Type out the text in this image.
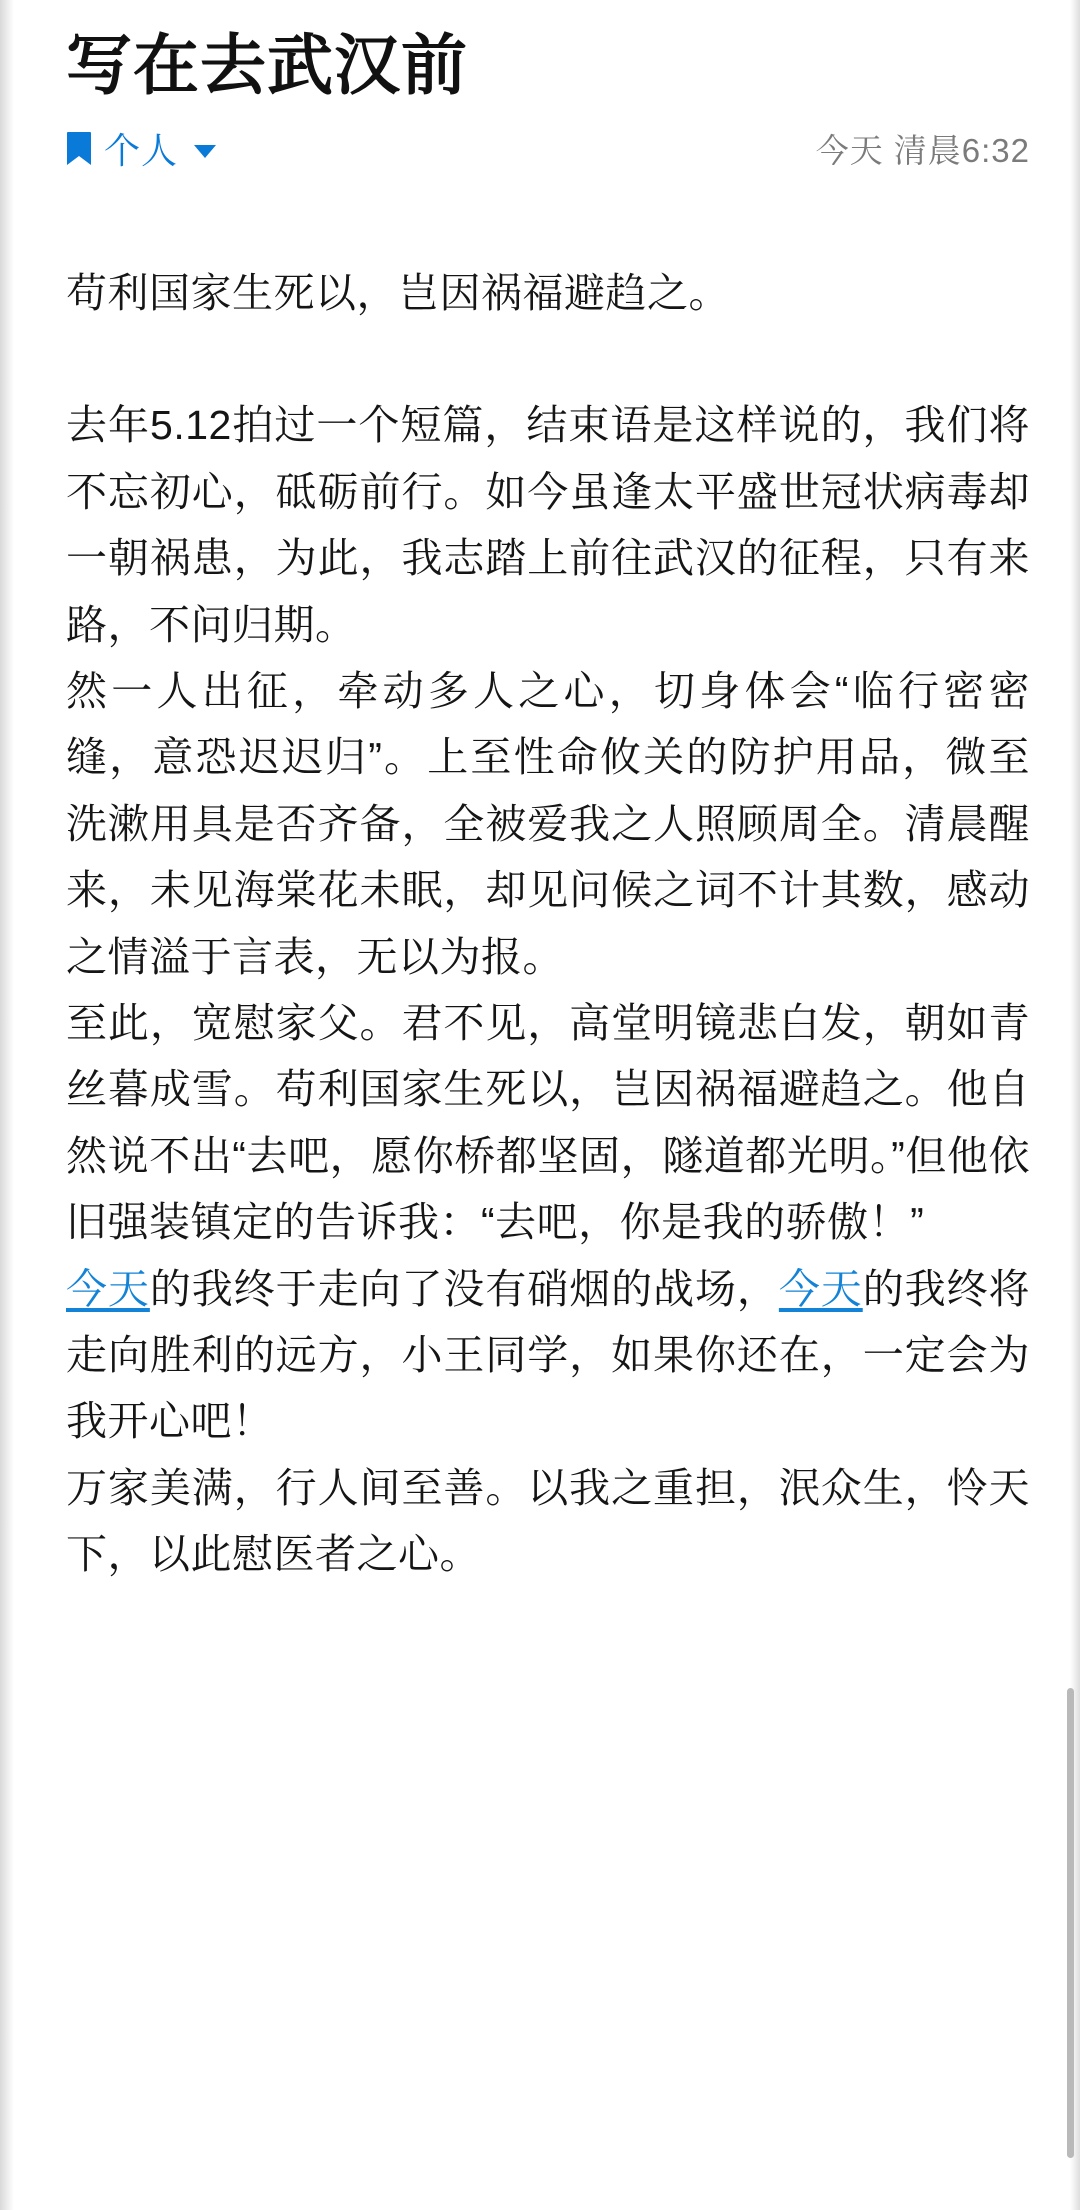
写在去武汉前
个人	今天 清晨6:32

苟利国家生死以，岂因祸福避趋之。

去年5.12拍过一个短篇，结束语是这样说的，我们将不忘初心，砥砺前行。如今虽逢太平盛世冠状病毒却一朝祸患，为此，我志踏上前往武汉的征程，只有来路，不问归期。

然一人出征，牵动多人之心，切身体会“临行密密缝，意恐迟迟归”。上至性命攸关的防护用品，微至洗漱用具是否齐备，全被爱我之人照顾周全。清晨醒来，未见海棠花未眠，却见问候之词不计其数，感动之情溢于言表，无以为报。

至此，宽慰家父。君不见，高堂明镜悲白发，朝如青丝暮成雪。苟利国家生死以，岂因祸福避趋之。他自然说不出“去吧，愿你桥都坚固，隧道都光明。”但他依旧强装镇定的告诉我：“去吧，你是我的骄傲！”

今天的我终于走向了没有硝烟的战场，今天的我终将走向胜利的远方，小王同学，如果你还在，一定会为我开心吧！

万家美满，行人间至善。以我之重担，泯众生，怜天下，以此慰医者之心。
